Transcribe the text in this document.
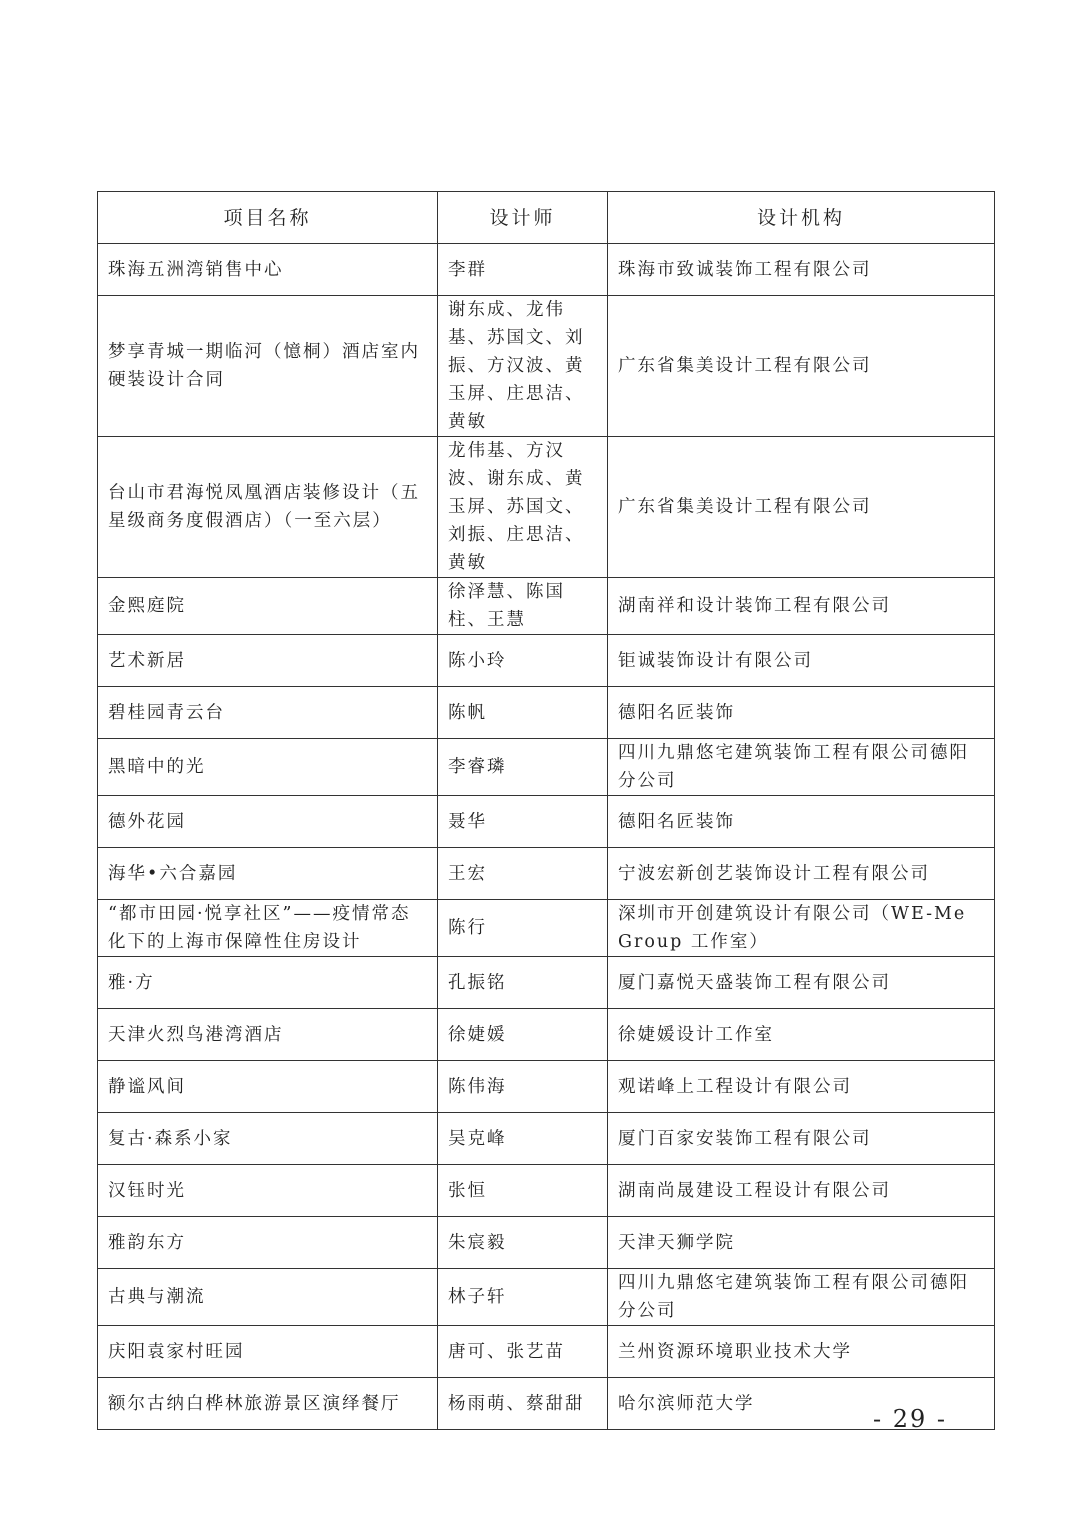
项目名称	设计师	设计机构
珠海五洲湾销售中心	李群	珠海市致诚装饰工程有限公司
梦享青城一期临河（憶桐）酒店室内硬装设计合同	谢东成、龙伟基、苏国文、刘振、方汉波、黄玉屏、庄思洁、黄敏	广东省集美设计工程有限公司
台山市君海悦凤凰酒店装修设计（五星级商务度假酒店）（一至六层）	龙伟基、方汉波、谢东成、黄玉屏、苏国文、刘振、庄思洁、黄敏	广东省集美设计工程有限公司
金熙庭院	徐泽慧、陈国柱、王慧	湖南祥和设计装饰工程有限公司
艺术新居	陈小玲	钜诚装饰设计有限公司
碧桂园青云台	陈帆	德阳名匠装饰
黑暗中的光	李睿璘	四川九鼎悠宅建筑装饰工程有限公司德阳分公司
德外花园	聂华	德阳名匠装饰
海华•六合嘉园	王宏	宁波宏新创艺装饰设计工程有限公司
“都市田园·悦享社区”——疫情常态化下的上海市保障性住房设计	陈行	深圳市开创建筑设计有限公司（WE-Me Group 工作室）
雅·方	孔振铭	厦门嘉悦天盛装饰工程有限公司
天津火烈鸟港湾酒店	徐婕媛	徐婕媛设计工作室
静谧风间	陈伟海	观诺峰上工程设计有限公司
复古·森系小家	吴克峰	厦门百家安装饰工程有限公司
汉钰时光	张恒	湖南尚晟建设工程设计有限公司
雅韵东方	朱宸毅	天津天狮学院
古典与潮流	林子轩	四川九鼎悠宅建筑装饰工程有限公司德阳分公司
庆阳袁家村旺园	唐可、张艺苗	兰州资源环境职业技术大学
额尔古纳白桦林旅游景区演绎餐厅	杨雨萌、蔡甜甜	哈尔滨师范大学
- 29 -
